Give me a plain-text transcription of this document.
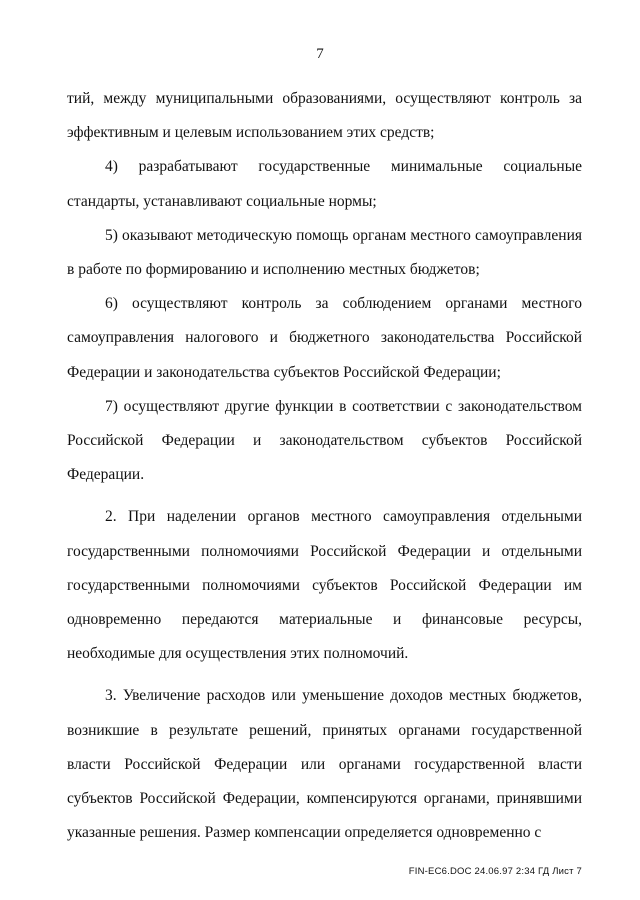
7

тий, между муниципальными образованиями, осуществляют контроль за эффективным и целевым использованием этих средств;

4) разрабатывают государственные минимальные социальные стандарты, устанавливают социальные нормы;

5) оказывают методическую помощь органам местного самоуправления в работе по формированию и исполнению местных бюджетов;

6) осуществляют контроль за соблюдением органами местного самоуправления налогового и бюджетного законодательства Российской Федерации и законодательства субъектов Российской Федерации;

7) осуществляют другие функции в соответствии с законодательством Российской Федерации и законодательством субъектов Российской Федерации.

2. При наделении органов местного самоуправления отдельными государственными полномочиями Российской Федерации и отдельными государственными полномочиями субъектов Российской Федерации им одновременно передаются материальные и финансовые ресурсы, необходимые для осуществления этих полномочий.

3. Увеличение расходов или уменьшение доходов местных бюджетов, возникшие в результате решений, принятых органами государственной власти Российской Федерации или органами государственной власти субъектов Российской Федерации, компенсируются органами, принявшими указанные решения. Размер компенсации определяется одновременно с

FIN-EC6.DOC 24.06.97 2:34 ГД Лист 7
